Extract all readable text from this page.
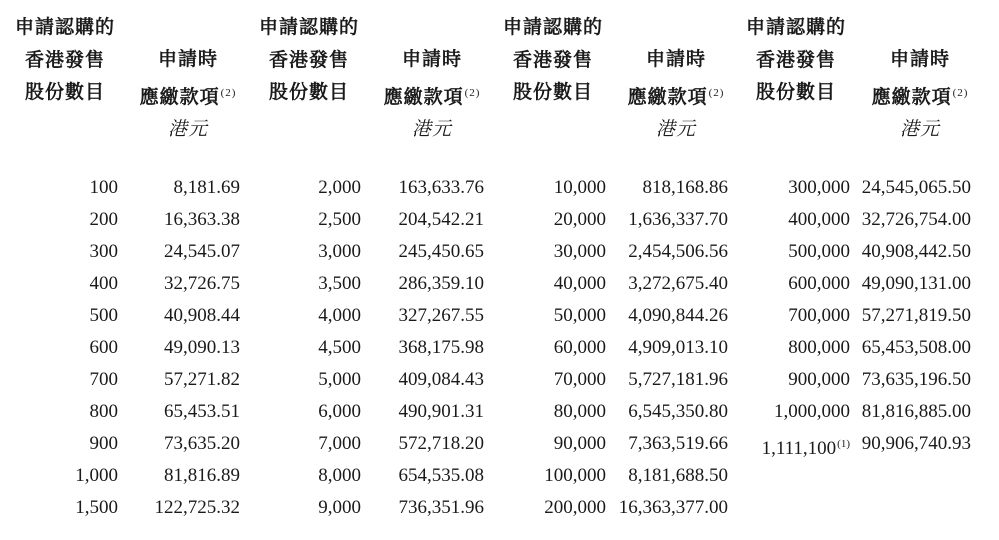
申請認購的
香港發售
股份數目
申請時
應繳款項$^{(2)}$
港元
100
200
300
400
500
600
700
800
900
1,000
1,500
8,181.69
16,363.38
24,545.07
32,726.75
40,908.44
49,090.13
57,271.82
65,453.51
73,635.20
81,816.89
122,725.32
申請認購的
香港發售
股份數目
申請時
應繳款項$^{(2)}$
港元
2,000
2,500
3,000
3,500
4,000
4,500
5,000
6,000
7,000
8,000
9,000
163,633.76
204,542.21
245,450.65
286,359.10
327,267.55
368,175.98
409,084.43
490,901.31
572,718.20
654,535.08
736,351.96
申請認購的
香港發售
股份數目
申請時
應繳款項$^{(2)}$
港元
10,000
20,000
30,000
40,000
50,000
60,000
70,000
80,000
90,000
100,000
200,000
818,168.86
1,636,337.70
2,454,506.56
3,272,675.40
4,090,844.26
4,909,013.10
5,727,181.96
6,545,350.80
7,363,519.66
8,181,688.50
16,363,377.00
申請認購的
香港發售
股份數目
申請時
應繳款項$^{(2)}$
港元
300,000
400,000
500,000
600,000
700,000
800,000
900,000
1,000,000
1,111,100$^{(1)}$
24,545,065.50
32,726,754.00
40,908,442.50
49,090,131.00
57,271,819.50
65,453,508.00
73,635,196.50
81,816,885.00
90,906,740.93
